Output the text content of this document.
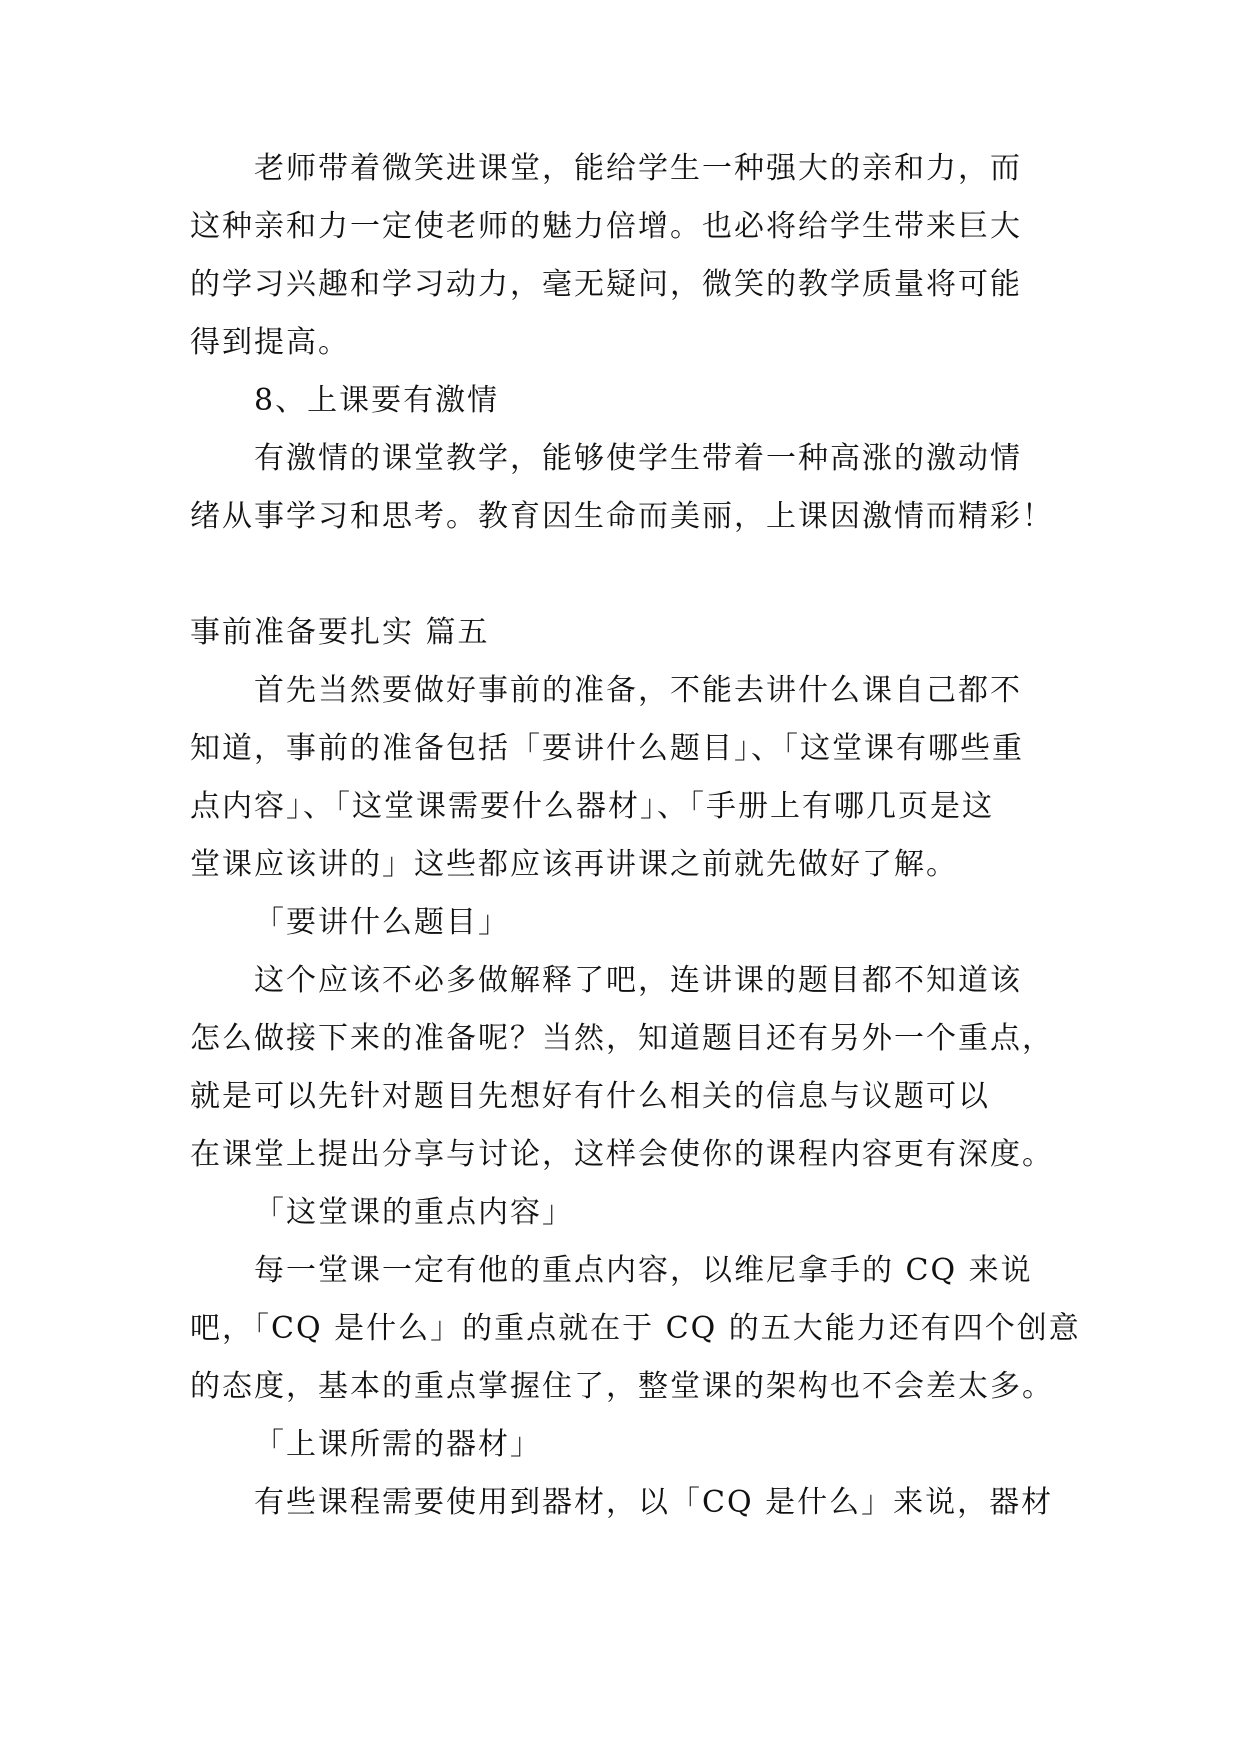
老师带着微笑进课堂，能给学生一种强大的亲和力，而
这种亲和力一定使老师的魅力倍增。也必将给学生带来巨大
的学习兴趣和学习动力，毫无疑问，微笑的教学质量将可能
得到提高。
8、上课要有激情
有激情的课堂教学，能够使学生带着一种高涨的激动情
绪从事学习和思考。教育因生命而美丽，上课因激情而精彩！
事前准备要扎实 篇五
首先当然要做好事前的准备，不能去讲什么课自己都不
知道，事前的准备包括「要讲什么题目」、「这堂课有哪些重
点内容」、「这堂课需要什么器材」、「手册上有哪几页是这
堂课应该讲的」这些都应该再讲课之前就先做好了解。
「要讲什么题目」
这个应该不必多做解释了吧，连讲课的题目都不知道该
怎么做接下来的准备呢？当然，知道题目还有另外一个重点，
就是可以先针对题目先想好有什么相关的信息与议题可以
在课堂上提出分享与讨论，这样会使你的课程内容更有深度。
「这堂课的重点内容」
每一堂课一定有他的重点内容，以维尼拿手的 CQ 来说
吧，「CQ 是什么」的重点就在于 CQ 的五大能力还有四个创意
的态度，基本的重点掌握住了，整堂课的架构也不会差太多。
「上课所需的器材」
有些课程需要使用到器材，以「CQ 是什么」来说，器材
